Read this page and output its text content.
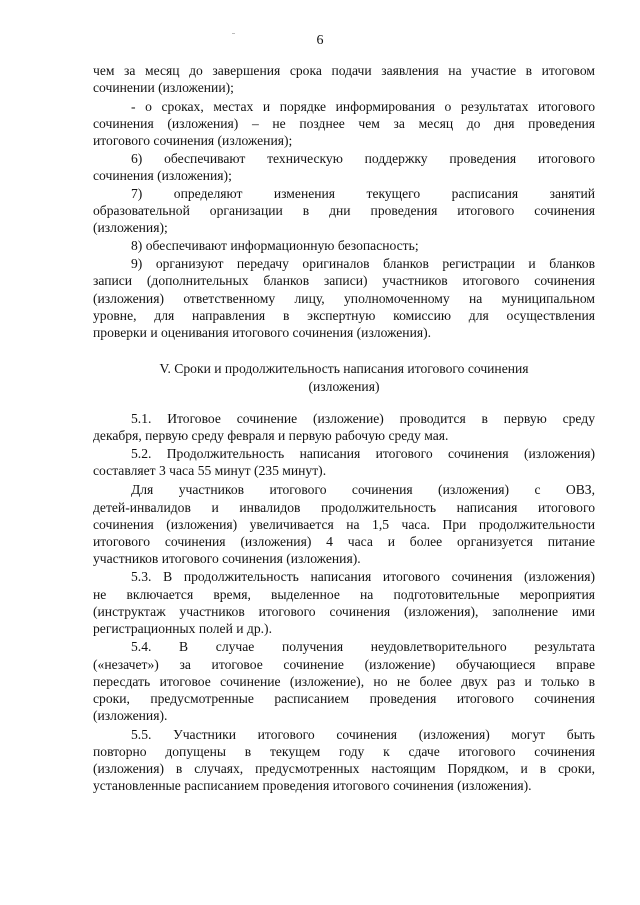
6
чем за месяц до завершения срока подачи заявления на участие в итоговом
сочинении (изложении);
- о сроках, местах и порядке информирования о результатах итогового
сочинения (изложения) – не позднее чем за месяц до дня проведения
итогового сочинения (изложения);
6) обеспечивают техническую поддержку проведения итогового
сочинения (изложения);
7) определяют изменения текущего расписания занятий
образовательной организации в дни проведения итогового сочинения
(изложения);
8) обеспечивают информационную безопасность;
9) организуют передачу оригиналов бланков регистрации и бланков
записи (дополнительных бланков записи) участников итогового сочинения
(изложения) ответственному лицу, уполномоченному на муниципальном
уровне, для направления в экспертную комиссию для осуществления
проверки и оценивания итогового сочинения (изложения).
V. Сроки и продолжительность написания итогового сочинения
(изложения)
5.1. Итоговое сочинение (изложение) проводится в первую среду
декабря, первую среду февраля и первую рабочую среду мая.
5.2. Продолжительность написания итогового сочинения (изложения)
составляет 3 часа 55 минут (235 минут).
Для участников итогового сочинения (изложения) с ОВЗ,
детей-инвалидов и инвалидов продолжительность написания итогового
сочинения (изложения) увеличивается на 1,5 часа. При продолжительности
итогового сочинения (изложения) 4 часа и более организуется питание
участников итогового сочинения (изложения).
5.3. В продолжительность написания итогового сочинения (изложения)
не включается время, выделенное на подготовительные мероприятия
(инструктаж участников итогового сочинения (изложения), заполнение ими
регистрационных полей и др.).
5.4. В случае получения неудовлетворительного результата
(«незачет») за итоговое сочинение (изложение) обучающиеся вправе
пересдать итоговое сочинение (изложение), но не более двух раз и только в
сроки, предусмотренные расписанием проведения итогового сочинения
(изложения).
5.5. Участники итогового сочинения (изложения) могут быть
повторно допущены в текущем году к сдаче итогового сочинения
(изложения) в случаях, предусмотренных настоящим Порядком, и в сроки,
установленные расписанием проведения итогового сочинения (изложения).
